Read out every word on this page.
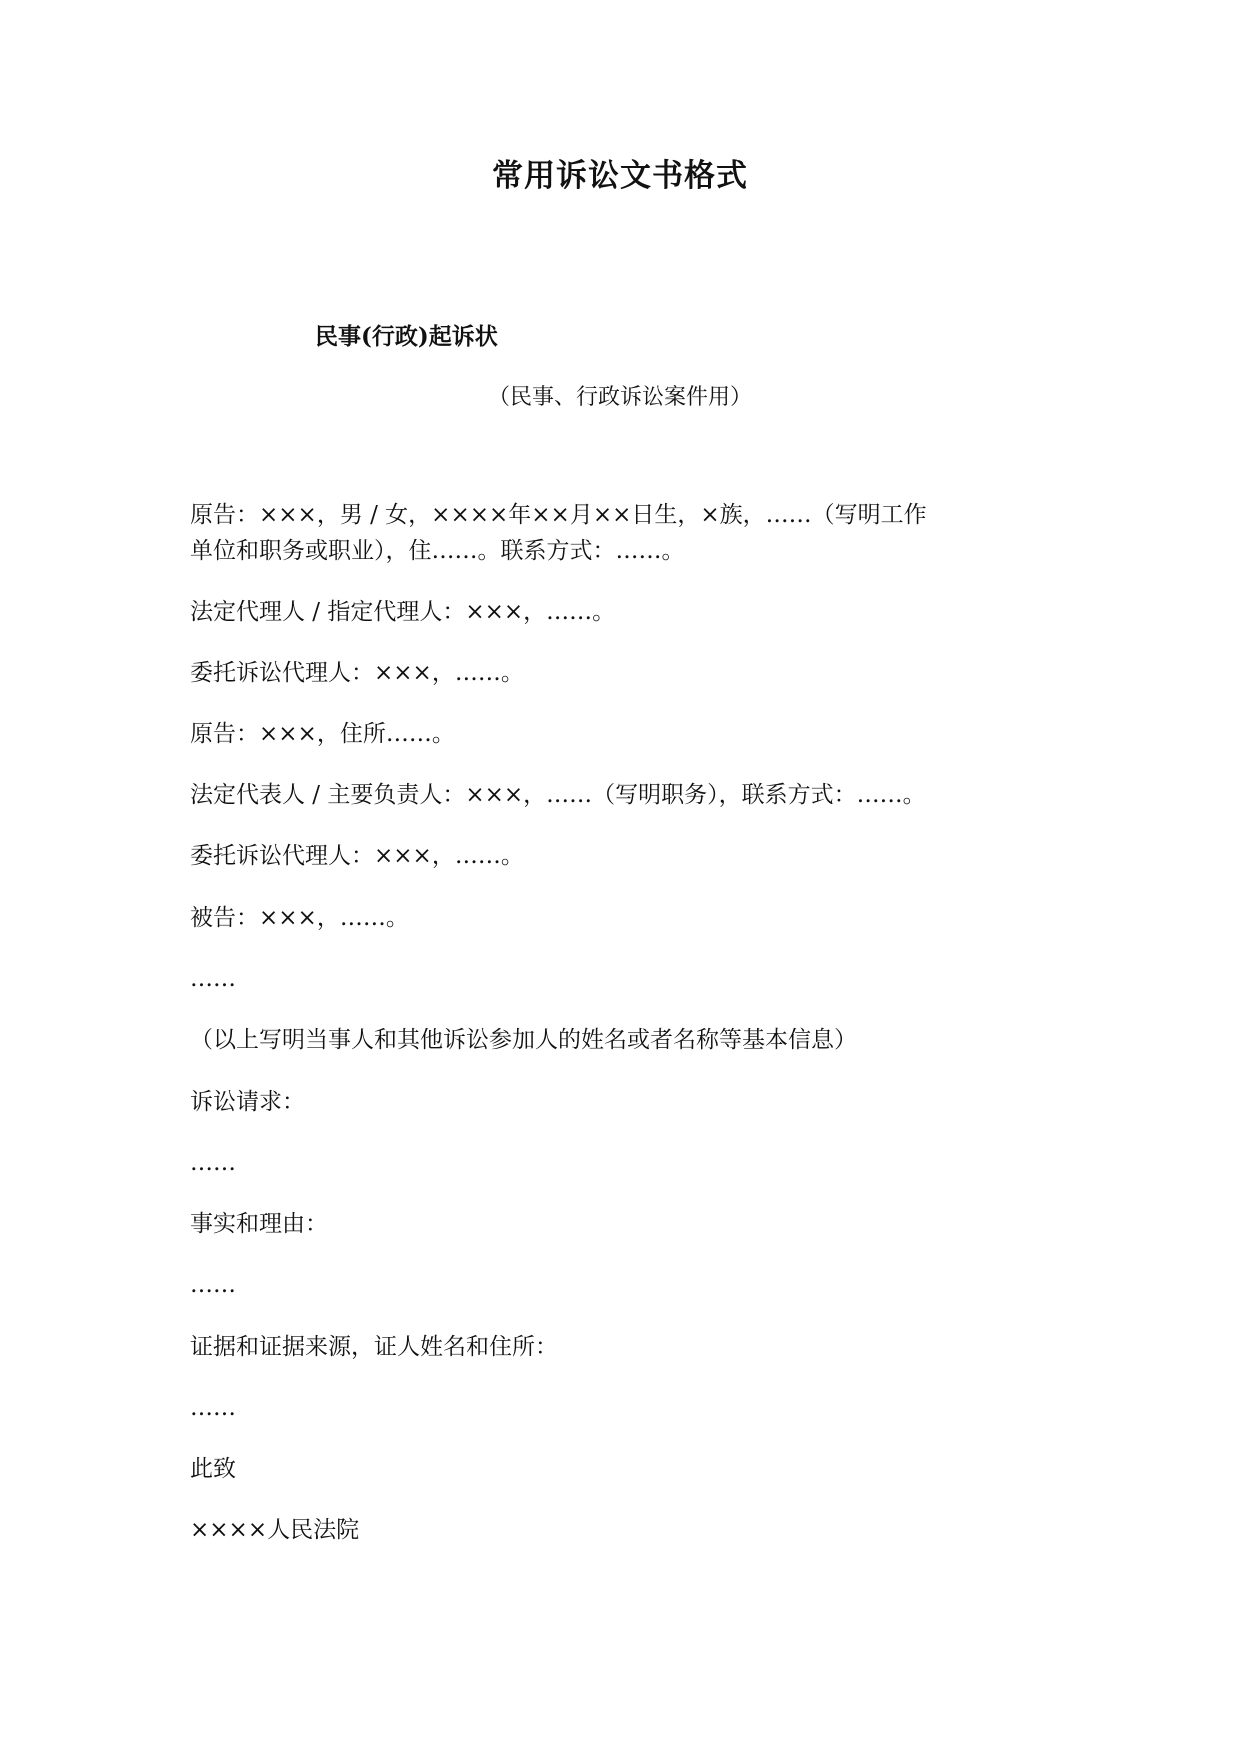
常用诉讼文书格式
民事(行政)起诉状
（民事、行政诉讼案件用）
原告：×××，男 / 女，××××年××月××日生，×族，……（写明工作
单位和职务或职业），住……。联系方式：……。
法定代理人 / 指定代理人：×××，……。
委托诉讼代理人：×××，……。
原告：×××，住所……。
法定代表人 / 主要负责人：×××，……（写明职务），联系方式：……。
委托诉讼代理人：×××，……。
被告：×××，……。
……
（以上写明当事人和其他诉讼参加人的姓名或者名称等基本信息）
诉讼请求：
……
事实和理由：
……
证据和证据来源，证人姓名和住所：
……
此致
××××人民法院
